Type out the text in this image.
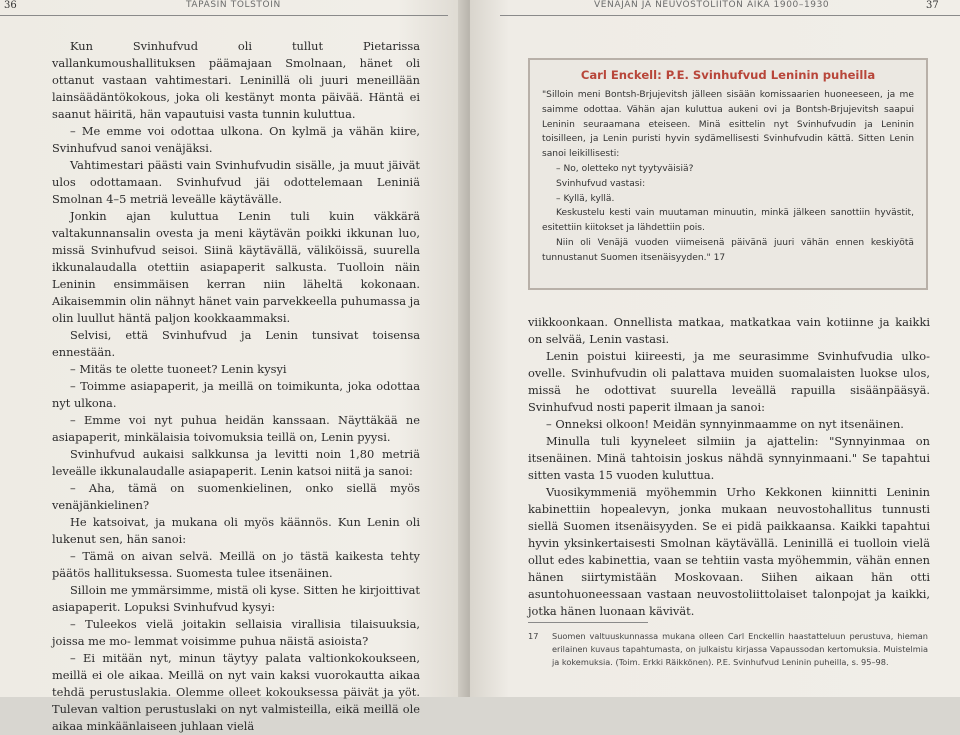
36	TAPASIN TOLSTOIN

Kun Svinhufvud oli tullut Pietarissa vallankumoushallituksen päämajaan Smolnaan, hänet oli ottanut vastaan vahtimestari. Leninillä oli juuri meneillään lainsäädäntökokous, joka oli kestänyt monta päivää. Häntä ei saanut häiritä, hän vapautuisi vasta tunnin kuluttua.

– Me emme voi odottaa ulkona. On kylmä ja vähän kiire, Svinhufvud sanoi venäjäksi.

Vahtimestari päästi vain Svinhufvudin sisälle, ja muut jäivät ulos odottamaan. Svinhufvud jäi odottelemaan Leniniä Smolnan 4–5 metriä leveälle käytävälle.

Jonkin ajan kuluttua Lenin tuli kuin väkkärä valtakunnansalin ovesta ja meni käytävän poikki ikkunan luo, missä Svinhufvud seisoi. Siinä käytävällä, väliköissä, suurella ikkunalaudalla otettiin asiapaperit salkusta. Tuolloin näin Leninin ensimmäisen kerran niin läheltä kokonaan. Aikaisemmin olin nähnyt hänet vain parvekkeella puhumassa ja olin luullut häntä paljon kookkaammaksi.

Selvisi, että Svinhufvud ja Lenin tunsivat toisensa ennestään.

– Mitäs te olette tuoneet? Lenin kysyi

– Toimme asiapaperit, ja meillä on toimikunta, joka odottaa nyt ulkona.

– Emme voi nyt puhua heidän kanssaan. Näyttäkää ne asiapaperit, minkälaisia toivomuksia teillä on, Lenin pyysi.

Svinhufvud aukaisi salkkunsa ja levitti noin 1,80 metriä leveälle ikkunalaudalle asiapaperit. Lenin katsoi niitä ja sanoi:

– Aha, tämä on suomenkielinen, onko siellä myös venäjänkielinen?

He katsoivat, ja mukana oli myös käännös. Kun Lenin oli lukenut sen, hän sanoi:

– Tämä on aivan selvä. Meillä on jo tästä kaikesta tehty päätös hallituksessa. Suomesta tulee itsenäinen.

Silloin me ymmärsimme, mistä oli kyse. Sitten he kirjoittivat asiapaperit. Lopuksi Svinhufvud kysyi:

– Tuleekos vielä joitakin sellaisia virallisia tilaisuuksia, joissa me mo- lemmat voisimme puhua näistä asioista?

– Ei mitään nyt, minun täytyy palata valtionkokoukseen, meillä ei ole aikaa. Meillä on nyt vain kaksi vuorokautta aikaa tehdä perustuslakia. Olemme olleet kokouksessa päivät ja yöt. Tulevan valtion perustuslaki on nyt valmisteilla, eikä meillä ole aikaa minkäänlaiseen juhlaan vielä

VENÄJÄN JA NEUVOSTOLIITON AIKA 1900–1930	37
Carl Enckell: P.E. Svinhufvud Leninin puheilla

"Silloin meni Bontsh-Brjujevitsh jälleen sisään komissaarien huoneeseen, ja me saimme odottaa. Vähän ajan kuluttua aukeni ovi ja Bontsh-Brjujevitsh saapui Leninin seuraamana eteiseen. Minä esittelin nyt Svinhufvudin ja Leninin toisilleen, ja Lenin puristi hyvin sydämellisesti Svinhufvudin kättä. Sitten Lenin sanoi leikillisesti:

– No, oletteko nyt tyytyväisiä?

Svinhufvud vastasi:

– Kyllä, kyllä.

Keskustelu kesti vain muutaman minuutin, minkä jälkeen sanottiin hyvästit, esitettiin kiitokset ja lähdettiin pois.

Niin oli Venäjä vuoden viimeisenä päivänä juuri vähän ennen keskiyötä tunnustanut Suomen itsenäisyyden." 17

viikkoonkaan. Onnellista matkaa, matkatkaa vain kotiinne ja kaikki on selvää, Lenin vastasi.

Lenin poistui kiireesti, ja me seurasimme Svinhufvudia ulko-ovelle. Svinhufvudin oli palattava muiden suomalaisten luokse ulos, missä he odottivat suurella leveällä rapuilla sisäänpääsyä. Svinhufvud nosti paperit ilmaan ja sanoi:

– Onneksi olkoon! Meidän synnyinmaamme on nyt itsenäinen.

Minulla tuli kyyneleet silmiin ja ajattelin: "Synnyinmaa on itsenäinen. Minä tahtoisin joskus nähdä synnyinmaani." Se tapahtui sitten vasta 15 vuoden kuluttua.

Vuosikymmeniä myöhemmin Urho Kekkonen kiinnitti Leninin kabinettiin hopealevyn, jonka mukaan neuvostohallitus tunnusti siellä Suomen itsenäisyyden. Se ei pidä paikkaansa. Kaikki tapahtui hyvin yksinkertaisesti Smolnan käytävällä. Leninillä ei tuolloin vielä ollut edes kabinettia, vaan se tehtiin vasta myöhemmin, vähän ennen hänen siirtymistään Moskovaan. Siihen aikaan hän otti asuntohuoneessaan vastaan neuvostoliittolaiset talonpojat ja kaikki, jotka hänen luonaan kävivät.

17 Suomen valtuuskunnassa mukana olleen Carl Enckellin haastatteluun perustuva, hieman erilainen kuvaus tapahtumasta, on julkaistu kirjassa Vapaussodan kertomuksia. Muistelmia ja kokemuksia. (Toim. Erkki Räikkönen). P.E. Svinhufvud Leninin puheilla, s. 95–98.
